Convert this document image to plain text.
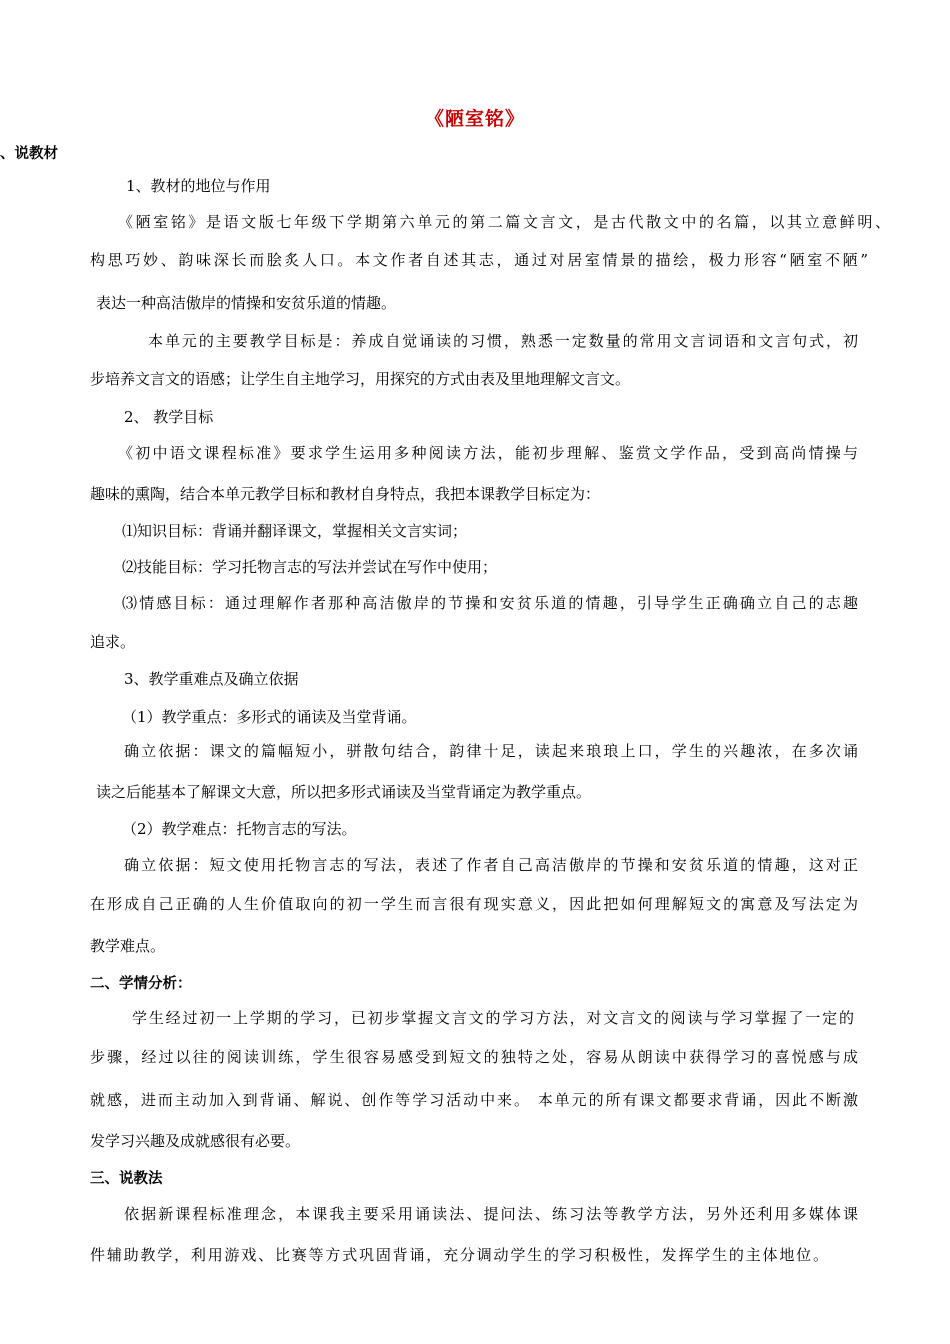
《陋室铭》
、说教材
1、教材的地位与作用
《陋室铭》是语文版七年级下学期第六单元的第二篇文言文，是古代散文中的名篇，以其立意鲜明、
构思巧妙、韵味深长而脍炙人口。本文作者自述其志，通过对居室情景的描绘，极力形容“陋室不陋”
表达一种高洁傲岸的情操和安贫乐道的情趣。
本单元的主要教学目标是：养成自觉诵读的习惯，熟悉一定数量的常用文言词语和文言句式，初
步培养文言文的语感；让学生自主地学习，用探究的方式由表及里地理解文言文。
2、 教学目标
《初中语文课程标准》要求学生运用多种阅读方法，能初步理解、鉴赏文学作品，受到高尚情操与
趣味的熏陶，结合本单元教学目标和教材自身特点，我把本课教学目标定为：
⑴知识目标：背诵并翻译课文，掌握相关文言实词；
⑵技能目标：学习托物言志的写法并尝试在写作中使用；
⑶情感目标：通过理解作者那种高洁傲岸的节操和安贫乐道的情趣，引导学生正确确立自己的志趣
追求。
3、教学重难点及确立依据
（1）教学重点：多形式的诵读及当堂背诵。
确立依据：课文的篇幅短小，骈散句结合，韵律十足，读起来琅琅上口，学生的兴趣浓，在多次诵
读之后能基本了解课文大意，所以把多形式诵读及当堂背诵定为教学重点。
（2）教学难点：托物言志的写法。
确立依据：短文使用托物言志的写法，表述了作者自己高洁傲岸的节操和安贫乐道的情趣，这对正
在形成自己正确的人生价值取向的初一学生而言很有现实意义，因此把如何理解短文的寓意及写法定为
教学难点。
二、学情分析：
学生经过初一上学期的学习，已初步掌握文言文的学习方法，对文言文的阅读与学习掌握了一定的
步骤，经过以往的阅读训练，学生很容易感受到短文的独特之处，容易从朗读中获得学习的喜悦感与成
就感，进而主动加入到背诵、解说、创作等学习活动中来。 本单元的所有课文都要求背诵，因此不断激
发学习兴趣及成就感很有必要。
三、说教法
依据新课程标准理念，本课我主要采用诵读法、提问法、练习法等教学方法，另外还利用多媒体课
件辅助教学，利用游戏、比赛等方式巩固背诵，充分调动学生的学习积极性，发挥学生的主体地位。
